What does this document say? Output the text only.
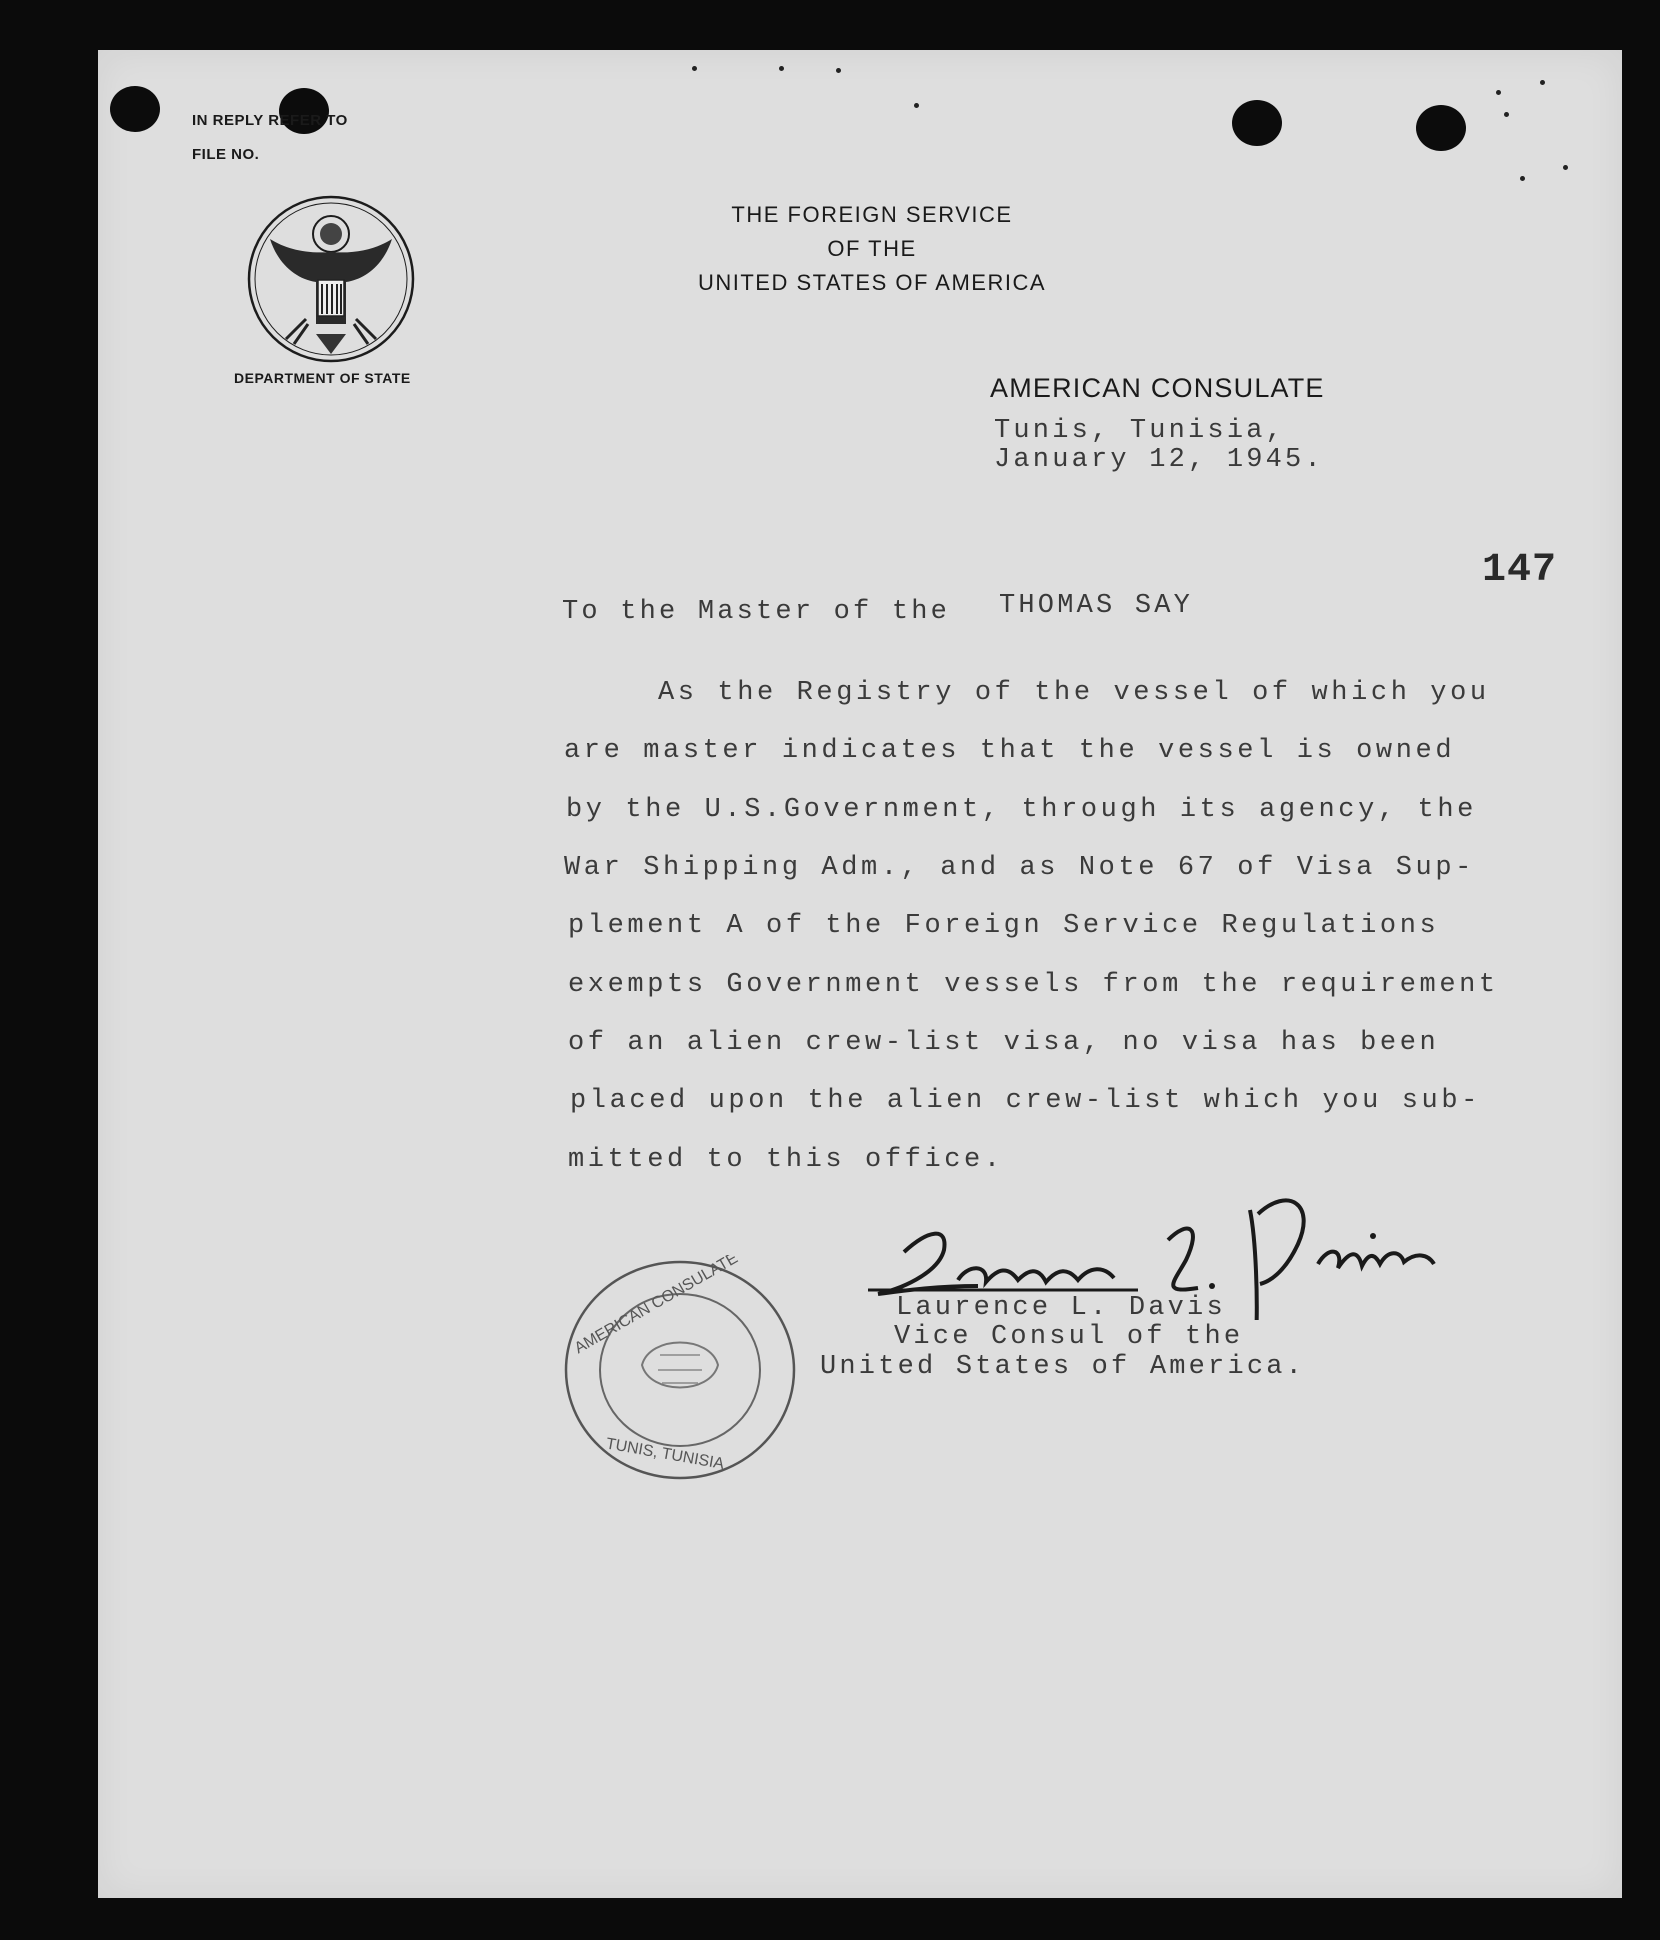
IN REPLY REFER TO
FILE NO.
DEPARTMENT OF STATE
THE FOREIGN SERVICE
OF THE
UNITED STATES OF AMERICA
AMERICAN CONSULATE
Tunis, Tunisia,
January 12, 1945.
147
To the Master of the THOMAS SAY
As the Registry of the vessel of which you
are master indicates that the vessel is owned
by the U.S.Government, through its agency, the
War Shipping Adm., and as Note 67 of Visa Sup-
plement A of the Foreign Service Regulations
exempts Government vessels from the requirement
of an alien crew-list visa, no visa has been
placed upon the alien crew-list which you sub-
mitted to this office.
Laurence L. Davis
Vice Consul of the
United States of America.
AMERICAN CONSULATE
TUNIS, TUNISIA
